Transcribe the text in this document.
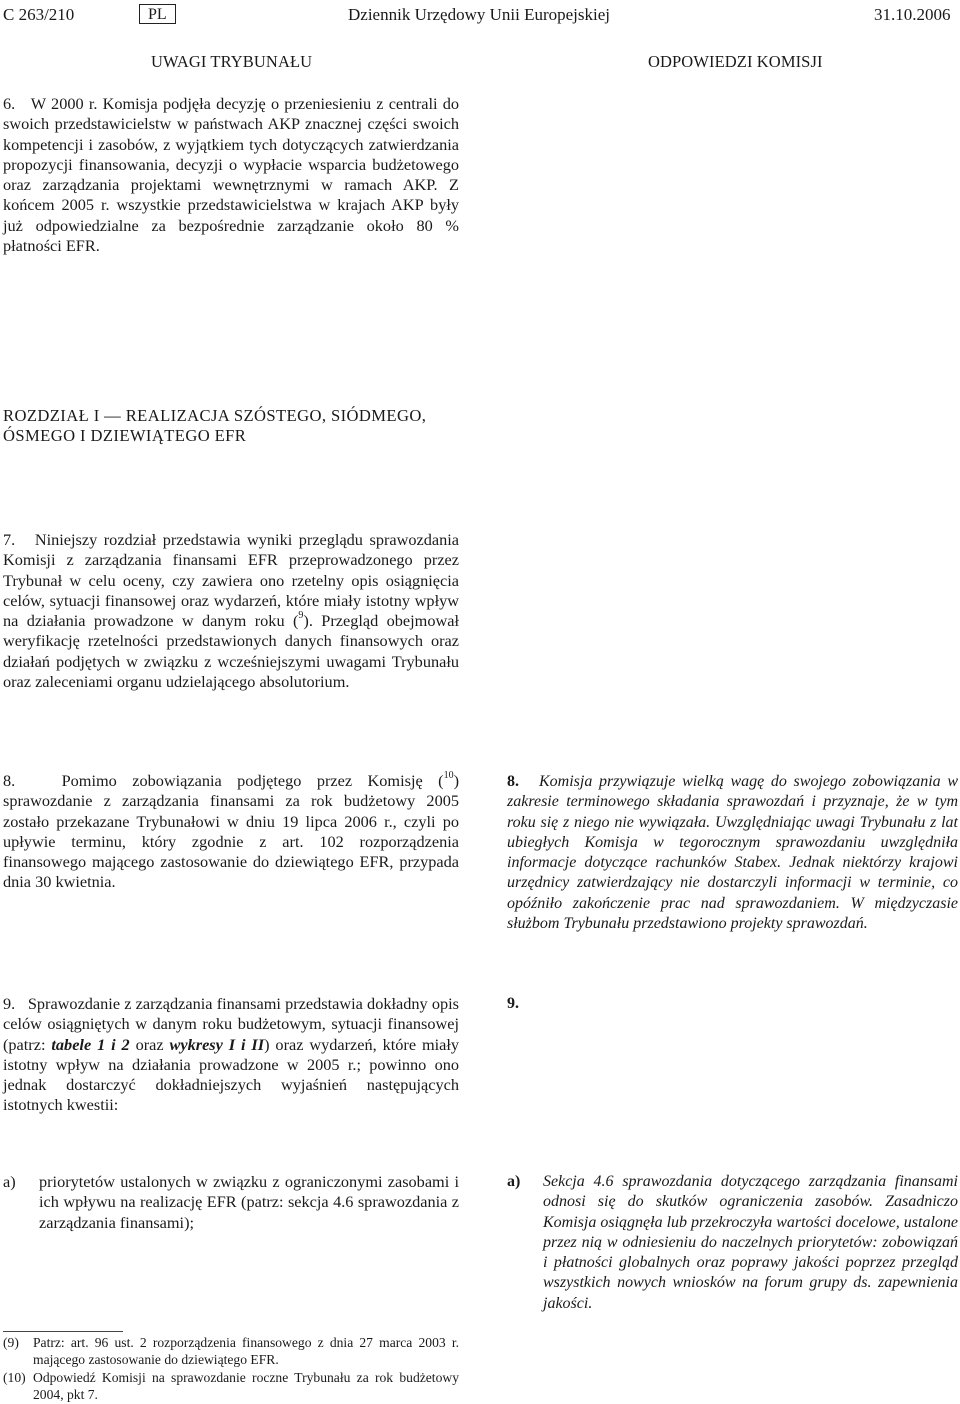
C 263/210	PL	Dziennik Urzędowy Unii Europejskiej	31.10.2006
UWAGI TRYBUNAŁU	ODPOWIEDZI KOMISJI
6. W 2000 r. Komisja podjęła decyzję o przeniesieniu z centrali do swoich przedstawicielstw w państwach AKP znacznej części swoich kompetencji i zasobów, z wyjątkiem tych dotyczących zatwierdzania propozycji finansowania, decyzji o wypłacie wsparcia budżetowego oraz zarządzania projektami wewnętrznymi w ramach AKP. Z końcem 2005 r. wszystkie przedstawicielstwa w krajach AKP były już odpowiedzialne za bezpośrednie zarządzanie około 80 % płatności EFR.
ROZDZIAŁ I — REALIZACJA SZÓSTEGO, SIÓDMEGO,
ÓSMEGO I DZIEWIĄTEGO EFR
7. Niniejszy rozdział przedstawia wyniki przeglądu sprawozdania Komisji z zarządzania finansami EFR przeprowadzonego przez Trybunał w celu oceny, czy zawiera ono rzetelny opis osiągnięcia celów, sytuacji finansowej oraz wydarzeń, które miały istotny wpływ na działania prowadzone w danym roku ($^9$). Przegląd obejmował weryfikację rzetelności przedstawionych danych finansowych oraz działań podjętych w związku z wcześniejszymi uwagami Trybunału oraz zaleceniami organu udzielającego absolutorium.
8.	Pomimo zobowiązania podjętego przez Komisję ($^{10}$) sprawozdanie z zarządzania finansami za rok budżetowy 2005 zostało przekazane Trybunałowi w dniu 19 lipca 2006 r., czyli po upływie terminu, który zgodnie z art. 102 rozporządzenia finansowego mającego zastosowanie do dziewiątego EFR, przypada dnia 30 kwietnia.
8. Komisja przywiązuje wielką wagę do swojego zobowiązania w zakresie terminowego składania sprawozdań i przyznaje, że w tym roku się z niego nie wywiązała. Uwzględniając uwagi Trybunału z lat ubiegłych Komisja w tegorocznym sprawozdaniu uwzględniła informacje dotyczące rachunków Stabex. Jednak niektórzy krajowi urzędnicy zatwierdzający nie dostarczyli informacji w terminie, co opóźniło zakończenie prac nad sprawozdaniem. W międzyczasie służbom Trybunału przedstawiono projekty sprawozdań.
9. Sprawozdanie z zarządzania finansami przedstawia dokładny opis celów osiągniętych w danym roku budżetowym, sytuacji finansowej (patrz: tabele 1 i 2 oraz wykresy I i II) oraz wydarzeń, które miały istotny wpływ na działania prowadzone w 2005 r.; powinno ono jednak dostarczyć dokładniejszych wyjaśnień następujących istotnych kwestii:
9.
a)	priorytetów ustalonych w związku z ograniczonymi zasobami i ich wpływu na realizację EFR (patrz: sekcja 4.6 sprawozdania z zarządzania finansami);
a)	Sekcja 4.6 sprawozdania dotyczącego zarządzania finansami odnosi się do skutków ograniczenia zasobów. Zasadniczo Komisja osiągnęła lub przekroczyła wartości docelowe, ustalone przez nią w odniesieniu do naczelnych priorytetów: zobowiązań i płatności globalnych oraz poprawy jakości poprzez przegląd wszystkich nowych wniosków na forum grupy ds. zapewnienia jakości.
(9)	Patrz: art. 96 ust. 2 rozporządzenia finansowego z dnia 27 marca 2003 r. mającego zastosowanie do dziewiątego EFR.
(10) Odpowiedź Komisji na sprawozdanie roczne Trybunału za rok budżetowy 2004, pkt 7.
